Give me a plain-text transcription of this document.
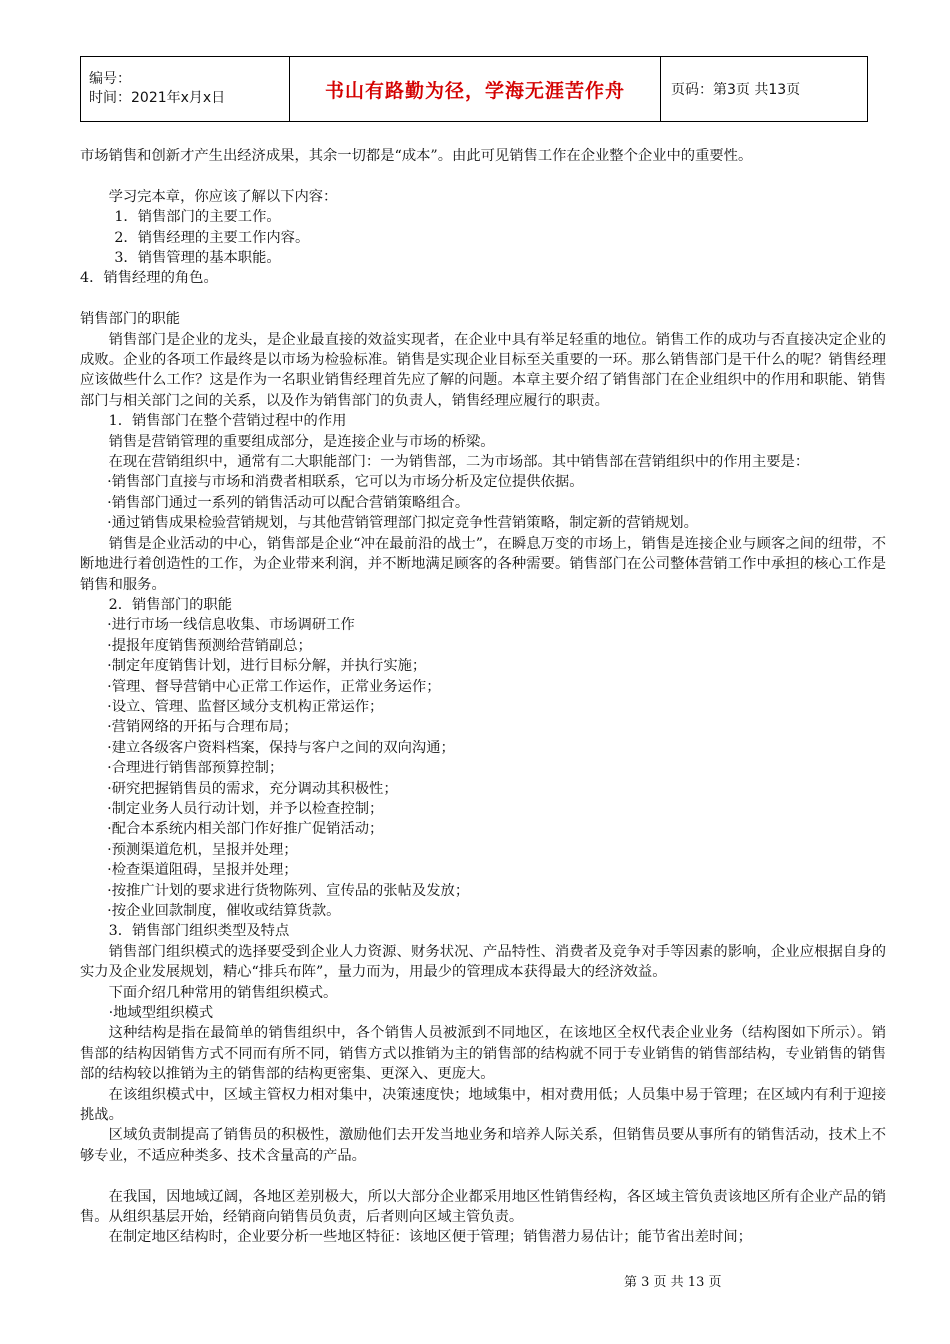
编号：
时间：2021年x月x日	书山有路勤为径，学海无涯苦作舟	页码：第3页 共13页

市场销售和创新才产生出经济成果，其余一切都是“成本”。由此可见销售工作在企业整个企业中的重要性。

学习完本章，你应该了解以下内容：

1．销售部门的主要工作。

2．销售经理的主要工作内容。

3．销售管理的基本职能。

4．销售经理的角色。

销售部门的职能

销售部门是企业的龙头，是企业最直接的效益实现者，在企业中具有举足轻重的地位。销售工作的成功与否直接决定企业的成败。企业的各项工作最终是以市场为检验标准。销售是实现企业目标至关重要的一环。那么销售部门是干什么的呢？销售经理应该做些什么工作？这是作为一名职业销售经理首先应了解的问题。本章主要介绍了销售部门在企业组织中的作用和职能、销售部门与相关部门之间的关系，以及作为销售部门的负责人，销售经理应履行的职责。

1．销售部门在整个营销过程中的作用

销售是营销管理的重要组成部分，是连接企业与市场的桥梁。

在现在营销组织中，通常有二大职能部门：一为销售部，二为市场部。其中销售部在营销组织中的作用主要是：

·销售部门直接与市场和消费者相联系，它可以为市场分析及定位提供依据。

·销售部门通过一系列的销售活动可以配合营销策略组合。

·通过销售成果检验营销规划，与其他营销管理部门拟定竞争性营销策略，制定新的营销规划。

销售是企业活动的中心，销售部是企业“冲在最前沿的战士”，在瞬息万变的市场上，销售是连接企业与顾客之间的纽带，不断地进行着创造性的工作，为企业带来利润，并不断地满足顾客的各种需要。销售部门在公司整体营销工作中承担的核心工作是销售和服务。

2．销售部门的职能

·进行市场一线信息收集、市场调研工作

·提报年度销售预测给营销副总；

·制定年度销售计划，进行目标分解，并执行实施；

·管理、督导营销中心正常工作运作，正常业务运作；

·设立、管理、监督区域分支机构正常运作；

·营销网络的开拓与合理布局；

·建立各级客户资料档案，保持与客户之间的双向沟通；

·合理进行销售部预算控制；

·研究把握销售员的需求，充分调动其积极性；

·制定业务人员行动计划，并予以检查控制；

·配合本系统内相关部门作好推广促销活动；

·预测渠道危机，呈报并处理；

·检查渠道阻碍，呈报并处理；

·按推广计划的要求进行货物陈列、宣传品的张帖及发放；

·按企业回款制度，催收或结算货款。

3．销售部门组织类型及特点

销售部门组织模式的选择要受到企业人力资源、财务状况、产品特性、消费者及竞争对手等因素的影响，企业应根据自身的实力及企业发展规划，精心“排兵布阵”，量力而为，用最少的管理成本获得最大的经济效益。

下面介绍几种常用的销售组织模式。

·地域型组织模式

这种结构是指在最简单的销售组织中，各个销售人员被派到不同地区，在该地区全权代表企业业务（结构图如下所示）。销售部的结构因销售方式不同而有所不同，销售方式以推销为主的销售部的结构就不同于专业销售的销售部结构，专业销售的销售部的结构较以推销为主的销售部的结构更密集、更深入、更庞大。

在该组织模式中，区域主管权力相对集中，决策速度快；地域集中，相对费用低；人员集中易于管理；在区域内有利于迎接挑战。

区域负责制提高了销售员的积极性，激励他们去开发当地业务和培养人际关系，但销售员要从事所有的销售活动，技术上不够专业，不适应种类多、技术含量高的产品。

在我国，因地域辽阔，各地区差别极大，所以大部分企业都采用地区性销售经构，各区域主管负责该地区所有企业产品的销售。从组织基层开始，经销商向销售员负责，后者则向区域主管负责。

在制定地区结构时，企业要分析一些地区特征：该地区便于管理；销售潜力易估计；能节省出差时间；

第 3 页 共 13 页
